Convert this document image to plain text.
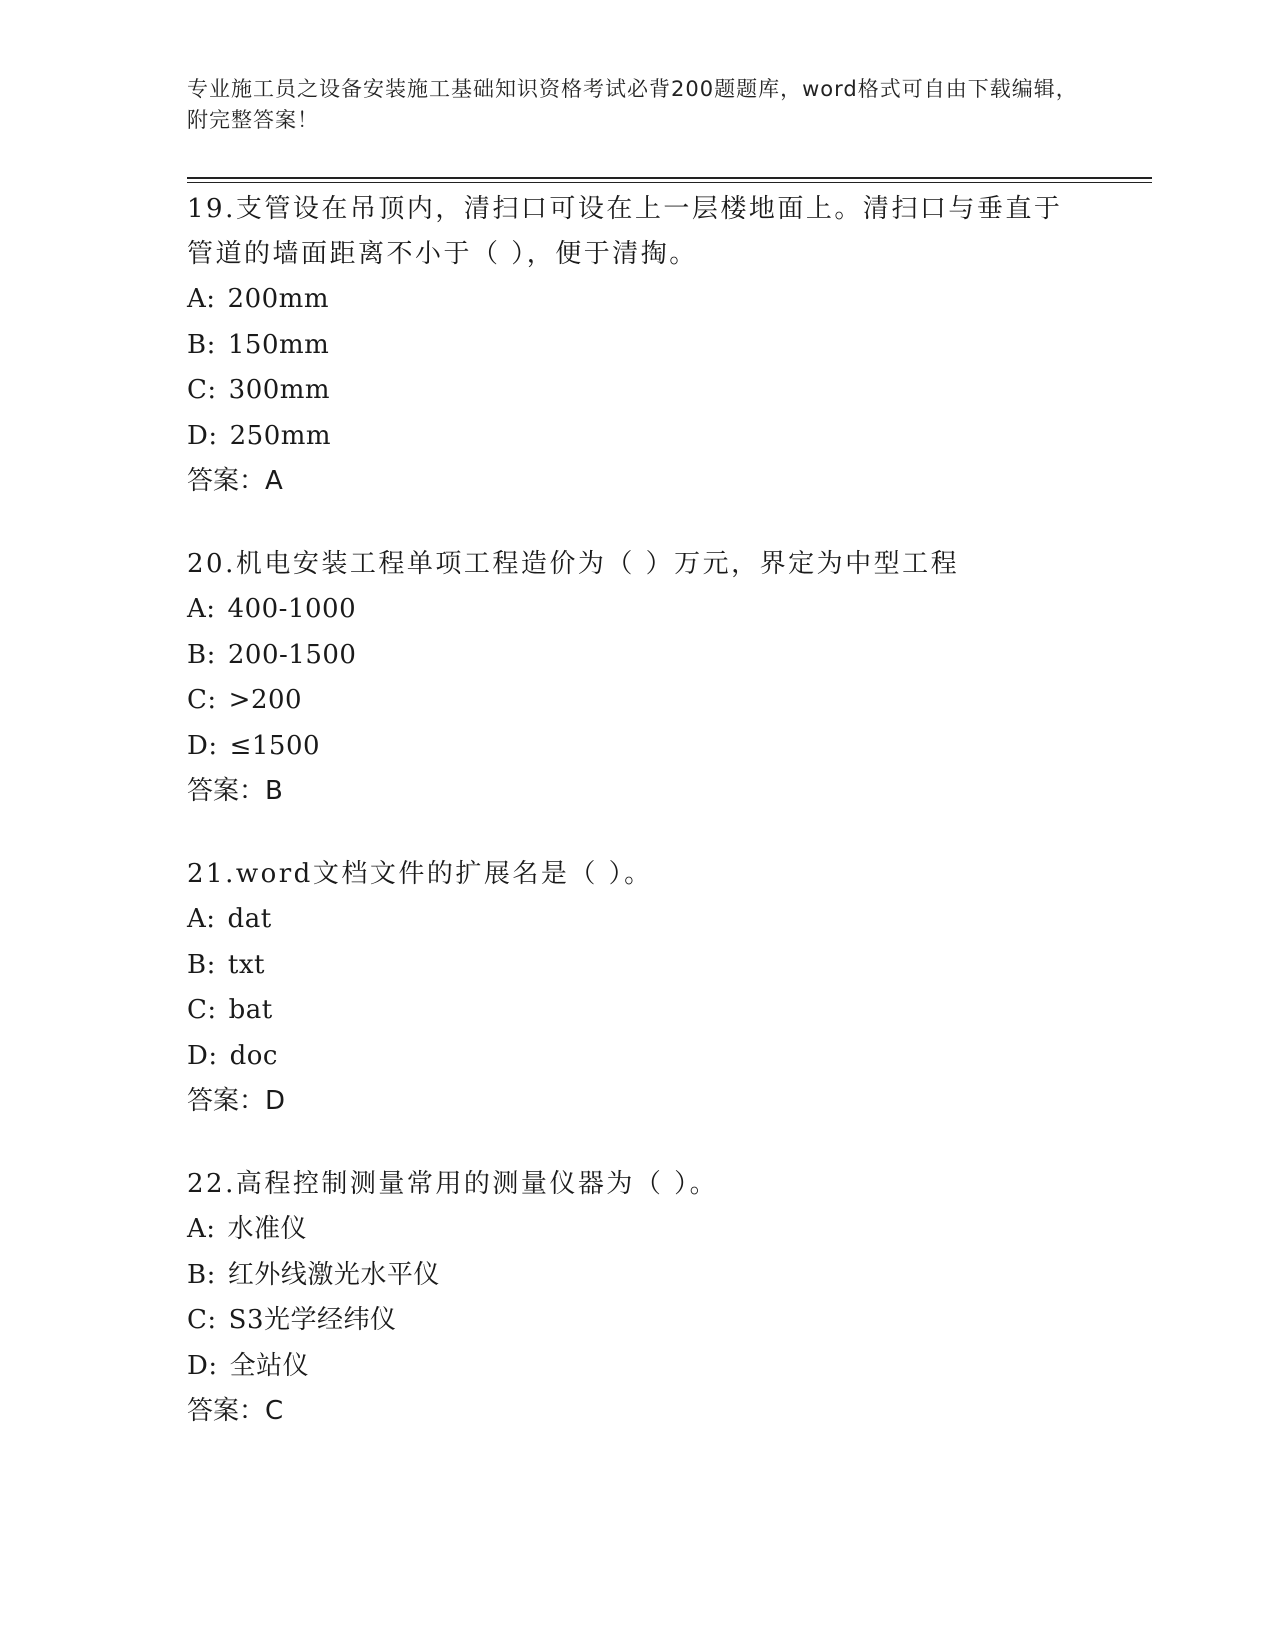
专业施工员之设备安装施工基础知识资格考试必背200题题库，word格式可自由下载编辑，附完整答案！

19.支管设在吊顶内，清扫口可设在上一层楼地面上。清扫口与垂直于管道的墙面距离不小于（ ），便于清掏。

A: 200mm

B: 150mm

C: 300mm

D: 250mm

答案：A

20.机电安装工程单项工程造价为（ ）万元，界定为中型工程

A: 400-1000

B: 200-1500

C: >200

D: ≤1500

答案：B

21.word文档文件的扩展名是（ ）。

A: dat

B: txt

C: bat

D: doc

答案：D

22.高程控制测量常用的测量仪器为（ ）。

A: 水准仪

B: 红外线激光水平仪

C: S3光学经纬仪

D: 全站仪

答案：C
